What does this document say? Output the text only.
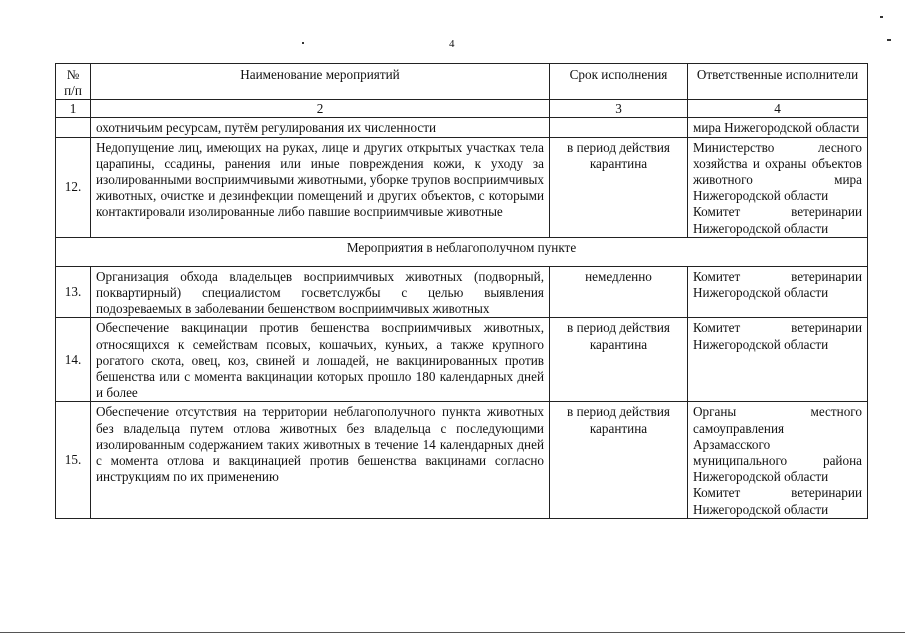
4
№ п/п	Наименование мероприятий	Срок исполнения	Ответственные исполнители
1	2	3	4
	охотничьим ресурсам, путём регулирования их численности		мира Нижегородской области

12.	Недопущение лиц, имеющих на руках, лице и других открытых участках тела царапины, ссадины, ранения или иные повреждения кожи, к уходу за изолированными восприимчивыми животными, уборке трупов восприимчивых животных, очистке и дезинфекции помещений и других объектов, с которыми контактировали изолированные либо павшие восприимчивые животные	в период действия карантина	Министерство лесного хозяйства и охраны объектов животного мира Нижегородской области
Комитет ветеринарии Нижегородской области

Мероприятия в неблагополучном пункте			
13.	Организация обхода владельцев восприимчивых животных (подворный, поквартирный) специалистом госветслужбы с целью выявления подозреваемых в заболевании бешенством восприимчивых животных	немедленно	Комитет ветеринарии Нижегородской области

14.	Обеспечение вакцинации против бешенства восприимчивых животных, относящихся к семействам псовых, кошачьих, куньих, а также крупного рогатого скота, овец, коз, свиней и лошадей, не вакцинированных против бешенства или с момента вакцинации которых прошло 180 календарных дней и более	в период действия карантина	Комитет ветеринарии Нижегородской области

15.	Обеспечение отсутствия на территории неблагополучного пункта животных без владельца путем отлова животных без владельца с последующими изолированным содержанием таких животных в течение 14 календарных дней с момента отлова и вакцинацией против бешенства вакцинами согласно инструкциям по их применению	в период действия карантина	Органы местного самоуправления Арзамасского муниципального района Нижегородской области
Комитет ветеринарии Нижегородской области
